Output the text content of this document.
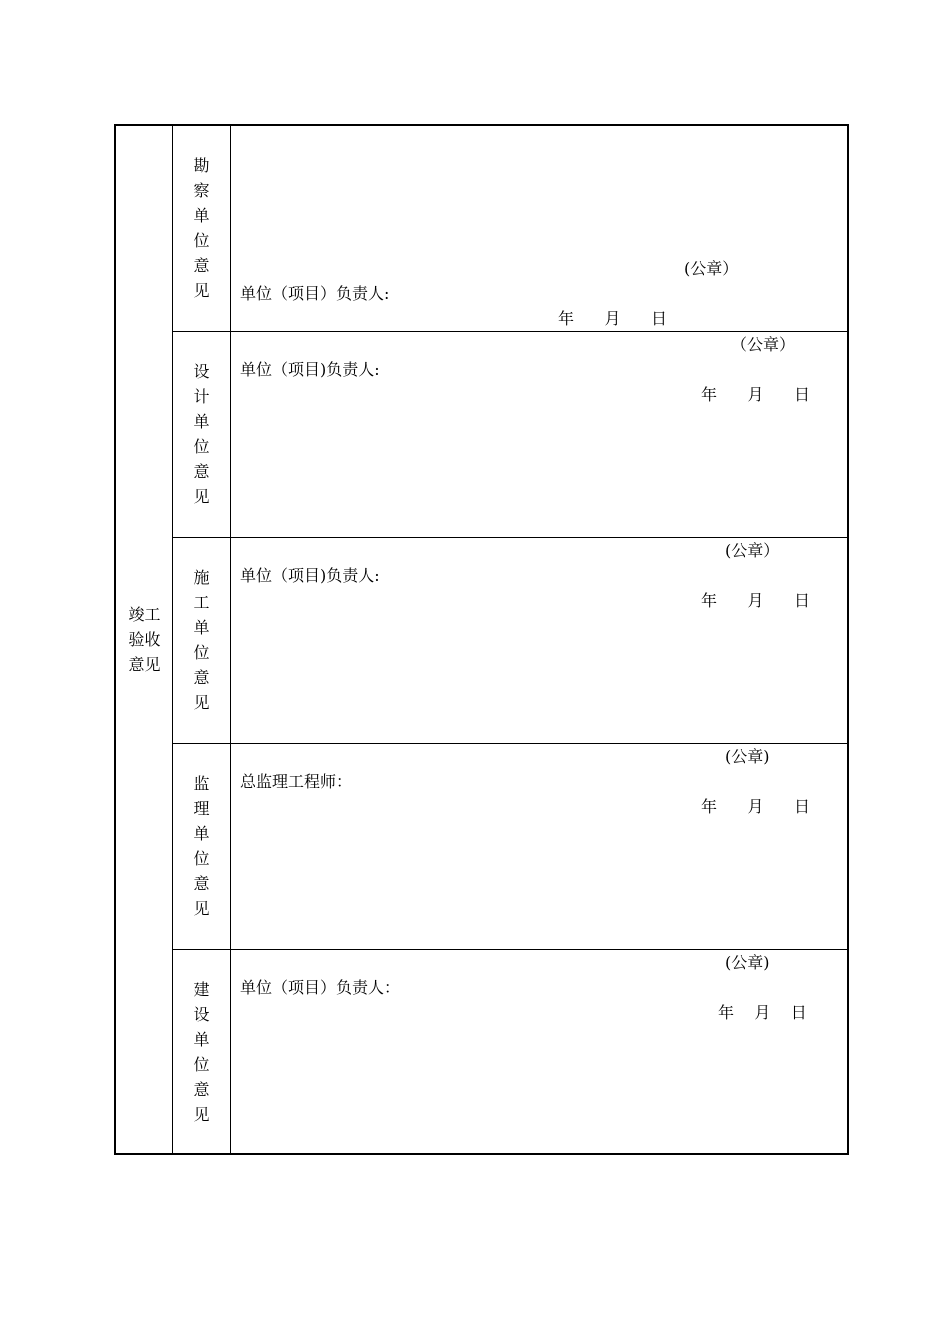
竣工
验收
意见
勘
察
单
位
意
见
(公章）
单位（项目）负责人:
年      月      日
设
计
单
位
意
见
（公章）
单位（项目)负责人:
年      月      日
施
工
单
位
意
见
(公章）
单位（项目)负责人:
年      月      日
监
理
单
位
意
见
(公章)
总监理工程师：
年      月      日
建
设
单
位
意
见
(公章)
单位（项目）负责人：
年    月    日
